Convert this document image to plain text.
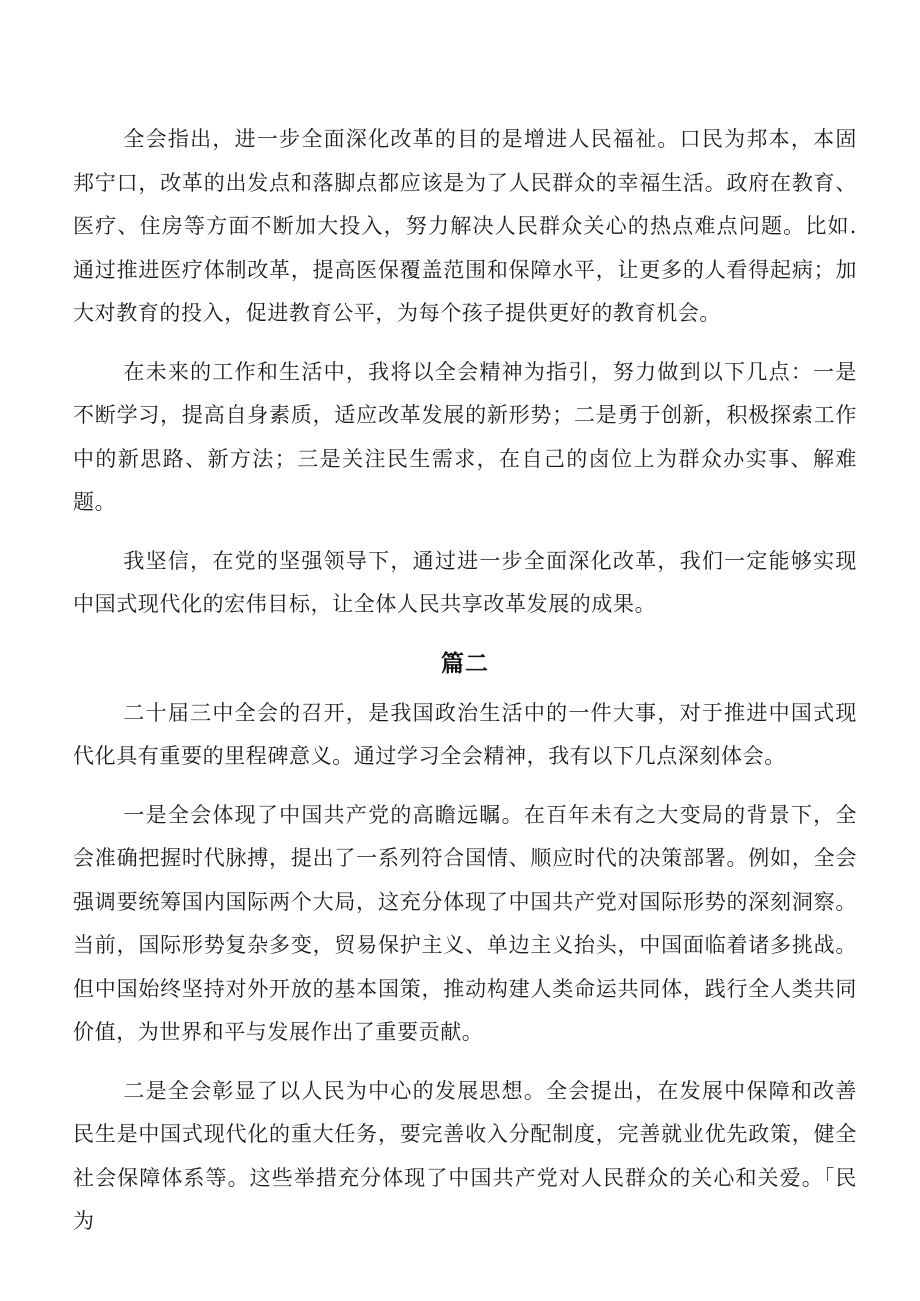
全会指出，进一步全面深化改革的目的是增进人民福祉。口民为邦本，本固邦宁口，改革的出发点和落脚点都应该是为了人民群众的幸福生活。政府在教育、医疗、住房等方面不断加大投入，努力解决人民群众关心的热点难点问题。比如.通过推进医疗体制改革，提高医保覆盖范围和保障水平，让更多的人看得起病；加大对教育的投入，促进教育公平，为每个孩子提供更好的教育机会。

在未来的工作和生活中，我将以全会精神为指引，努力做到以下几点：一是不断学习，提高自身素质，适应改革发展的新形势；二是勇于创新，积极探索工作中的新思路、新方法；三是关注民生需求，在自己的卤位上为群众办实事、解难题。

我坚信，在党的坚强领导下，通过进一步全面深化改革，我们一定能够实现中国式现代化的宏伟目标，让全体人民共享改革发展的成果。

篇二

二十届三中全会的召开，是我国政治生活中的一件大事，对于推进中国式现代化具有重要的里程碑意义。通过学习全会精神，我有以下几点深刻体会。

一是全会体现了中国共产党的高瞻远瞩。在百年未有之大变局的背景下，全会准确把握时代脉搏，提出了一系列符合国情、顺应时代的决策部署。例如，全会强调要统筹国内国际两个大局，这充分体现了中国共产党对国际形势的深刻洞察。当前，国际形势复杂多变，贸易保护主义、单边主义抬头，中国面临着诸多挑战。但中国始终坚持对外开放的基本国策，推动构建人类命运共同体，践行全人类共同价值，为世界和平与发展作出了重要贡献。

二是全会彰显了以人民为中心的发展思想。全会提出，在发展中保障和改善民生是中国式现代化的重大任务，要完善收入分配制度，完善就业优先政策，健全社会保障体系等。这些举措充分体现了中国共产党对人民群众的关心和关爱。「民为
